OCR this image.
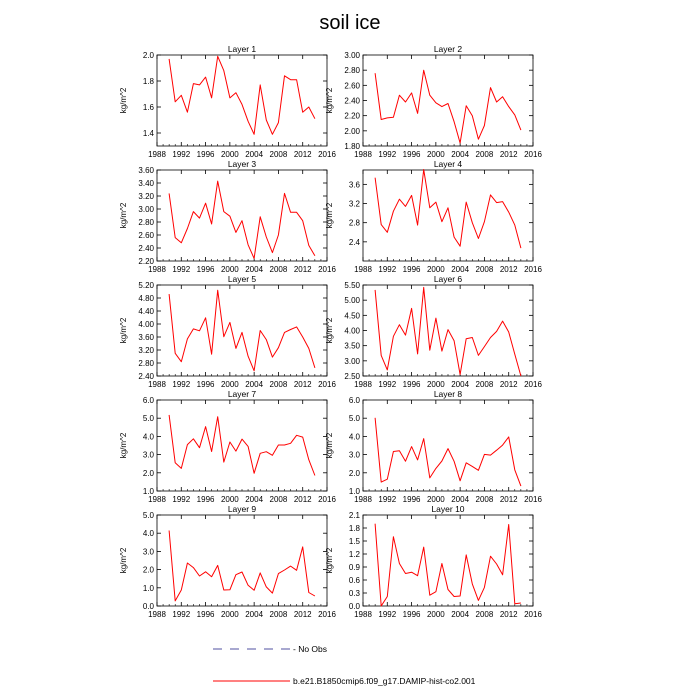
soil ice
Layer 1
kg/m^2
1988 1992 1996 2000 2004 2008 2012 2016
1.4
1.6
1.8
2.0
Layer 2
kg/m^2
1988 1992 1996 2000 2004 2008 2012 2016
1.80
2.00
2.20
2.40
2.60
2.80
3.00
Layer 3
kg/m^2
1988 1992 1996 2000 2004 2008 2012 2016
2.20
2.40
2.60
2.80
3.00
3.20
3.40
3.60
Layer 4
kg/m^2
1988 1992 1996 2000 2004 2008 2012 2016
2.4
2.8
3.2
3.6
Layer 5
kg/m^2
1988 1992 1996 2000 2004 2008 2012 2016
2.40
2.80
3.20
3.60
4.00
4.40
4.80
5.20
Layer 6
kg/m^2
1988 1992 1996 2000 2004 2008 2012 2016
2.50
3.00
3.50
4.00
4.50
5.00
5.50
Layer 7
kg/m^2
1988 1992 1996 2000 2004 2008 2012 2016
1.0
2.0
3.0
4.0
5.0
6.0
Layer 8
kg/m^2
1988 1992 1996 2000 2004 2008 2012 2016
1.0
2.0
3.0
4.0
5.0
6.0
Layer 9
kg/m^2
1988 1992 1996 2000 2004 2008 2012 2016
0.0
1.0
2.0
3.0
4.0
5.0
Layer 10
kg/m^2
1988 1992 1996 2000 2004 2008 2012 2016
0.0
0.3
0.6
0.9
1.2
1.5
1.8
2.1
- No Obs
b.e21.B1850cmip6.f09_g17.DAMIP-hist-co2.001
